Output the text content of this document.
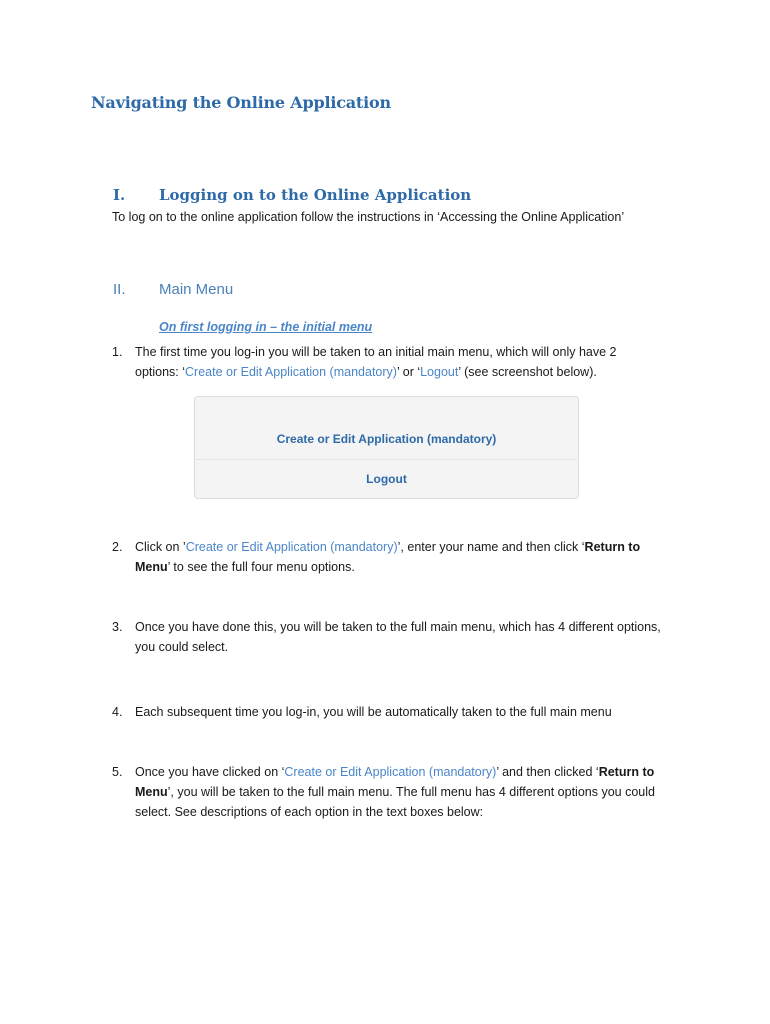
Navigating the Online Application
I. Logging on to the Online Application
To log on to the online application follow the instructions in ‘Accessing the Online Application’
II. Main Menu
On first logging in – the initial menu
1. The first time you log-in you will be taken to an initial main menu, which will only have 2
options: ‘Create or Edit Application (mandatory)’ or ‘Logout’ (see screenshot below).
Create or Edit Application (mandatory)
Logout
2. Click on ’Create or Edit Application (mandatory)’, enter your name and then click ‘Return to
Menu’ to see the full four menu options.
3. Once you have done this, you will be taken to the full main menu, which has 4 different options,
you could select.
4. Each subsequent time you log-in, you will be automatically taken to the full main menu
5. Once you have clicked on ‘Create or Edit Application (mandatory)’ and then clicked ‘Return to
Menu’, you will be taken to the full main menu. The full menu has 4 different options you could
select. See descriptions of each option in the text boxes below:
